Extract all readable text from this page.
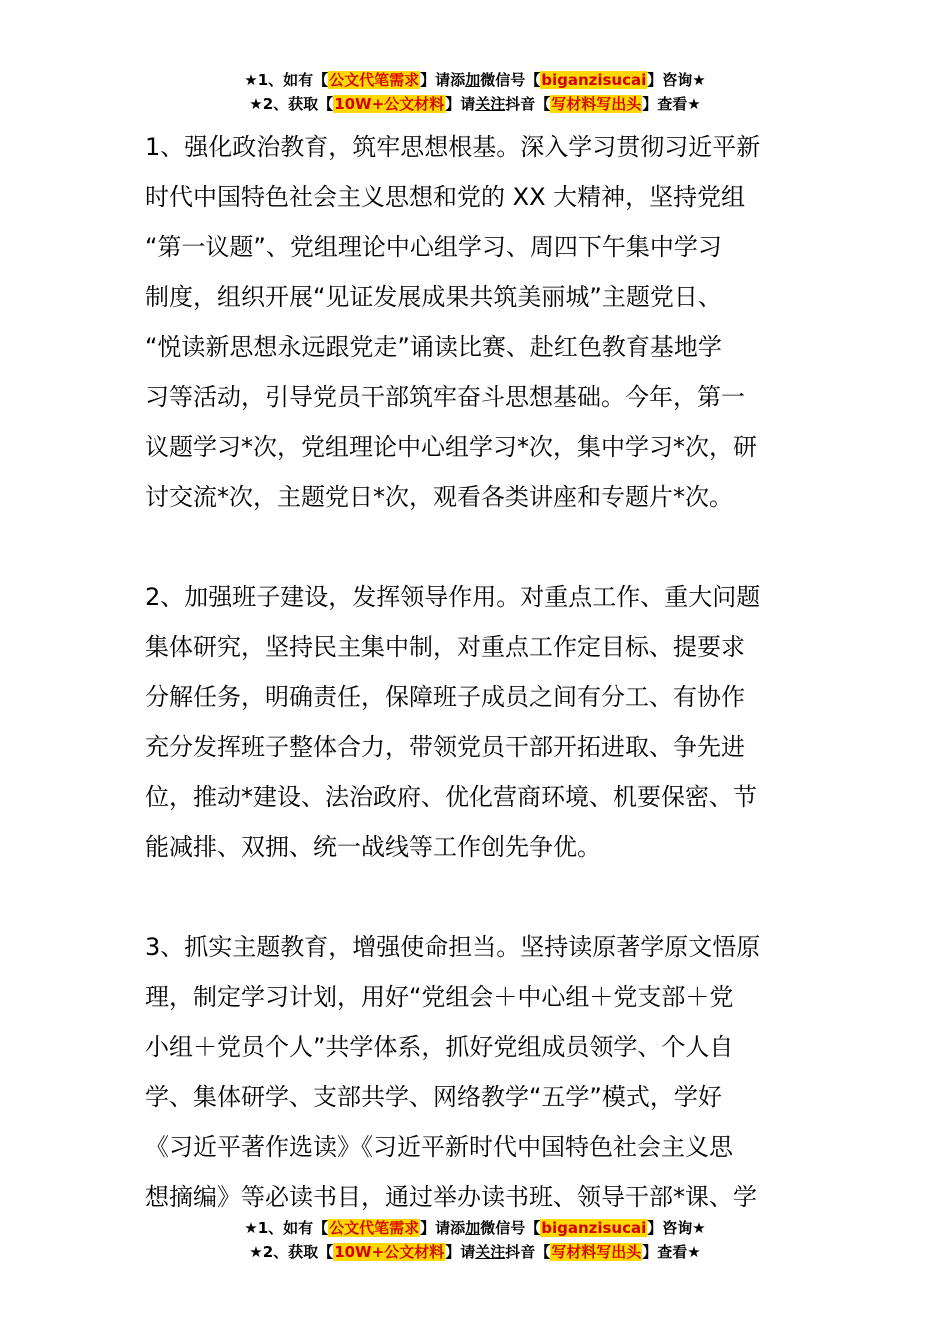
★1、如有【公文代笔需求】请添加微信号【biganzisucai】咨询★
★2、获取【10W+公文材料】请关注抖音【写材料写出头】查看★

1、强化政治教育，筑牢思想根基。深入学习贯彻习近平新
时代中国特色社会主义思想和党的 XX 大精神，坚持党组
“第一议题”、党组理论中心组学习、周四下午集中学习
制度，组织开展“见证发展成果共筑美丽城”主题党日、
“悦读新思想永远跟党走”诵读比赛、赴红色教育基地学
习等活动，引导党员干部筑牢奋斗思想基础。今年，第一
议题学习*次，党组理论中心组学习*次，集中学习*次，研
讨交流*次，主题党日*次，观看各类讲座和专题片*次。

2、加强班子建设，发挥领导作用。对重点工作、重大问题
集体研究，坚持民主集中制，对重点工作定目标、提要求
分解任务，明确责任，保障班子成员之间有分工、有协作
充分发挥班子整体合力，带领党员干部开拓进取、争先进
位，推动*建设、法治政府、优化营商环境、机要保密、节
能减排、双拥、统一战线等工作创先争优。

3、抓实主题教育，增强使命担当。坚持读原著学原文悟原
理，制定学习计划，用好“党组会＋中心组＋党支部＋党
小组＋党员个人”共学体系，抓好党组成员领学、个人自
学、集体研学、支部共学、网络教学“五学”模式，学好
《习近平著作选读》《习近平新时代中国特色社会主义思
想摘编》等必读书目，通过举办读书班、领导干部*课、学

★1、如有【公文代笔需求】请添加微信号【biganzisucai】咨询★
★2、获取【10W+公文材料】请关注抖音【写材料写出头】查看★
